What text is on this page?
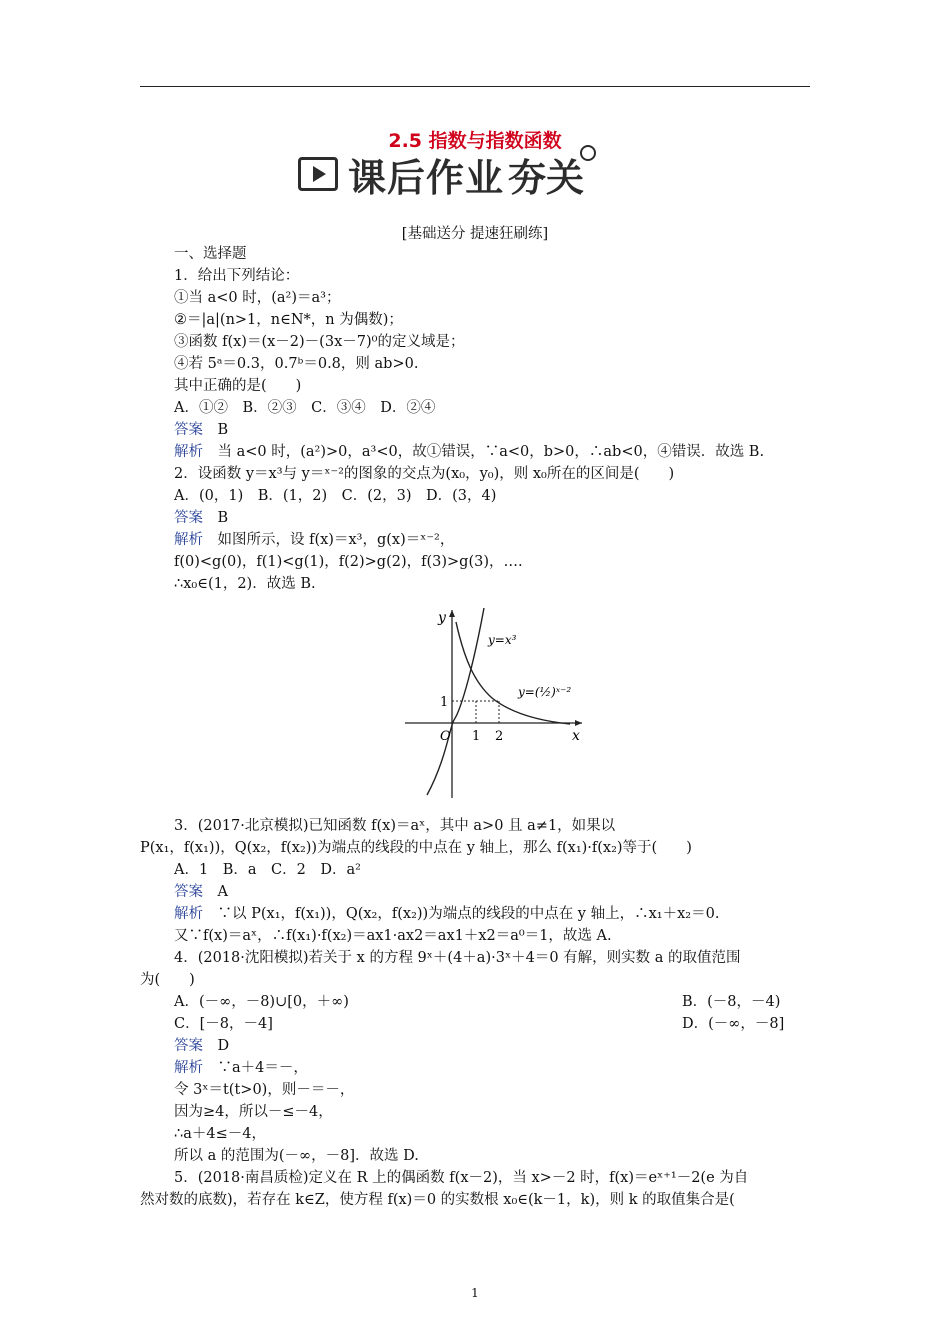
2.5 指数与指数函数
课后作业 夯关
[基础送分 提速狂刷练]
一、选择题
1．给出下列结论：
①当 a<0 时，(a²)＝a³；
②＝|a|(n>1，n∈N*，n 为偶数)；
③函数 f(x)＝(x－2)－(3x－7)⁰的定义域是；
④若 5ᵃ＝0.3，0.7ᵇ＝0.8，则 ab>0.
其中正确的是(　　)
A．①②　B．②③　C．③④　D．②④
答案　 B
解析　 当 a<0 时，(a²)>0，a³<0，故①错误，∵a<0，b>0，∴ab<0，④错误．故选 B.
2．设函数 y＝x³与 y＝ˣ⁻²的图象的交点为(x₀，y₀)，则 x₀所在的区间是(　　)
A．(0，1)　B．(1，2)　C．(2，3)　D．(3，4)
答案　 B
解析　 如图所示，设 f(x)＝x³，g(x)＝ˣ⁻²，
f(0)<g(0)，f(1)<g(1)，f(2)>g(2)，f(3)>g(3)，….
∴x₀∈(1，2)．故选 B.
y
x
O 1 2
1
y=x³
y=(½)ˣ⁻²
3．(2017·北京模拟)已知函数 f(x)＝aˣ，其中 a>0 且 a≠1，如果以
P(x₁，f(x₁))，Q(x₂，f(x₂))为端点的线段的中点在 y 轴上，那么 f(x₁)·f(x₂)等于(　　)
A．1　B．a　C．2　D．a²
答案　 A
解析　 ∵以 P(x₁，f(x₁))，Q(x₂，f(x₂))为端点的线段的中点在 y 轴上，∴x₁＋x₂＝0.
又∵f(x)＝aˣ，∴f(x₁)·f(x₂)＝ax1·ax2＝ax1＋x2＝a⁰＝1，故选 A.
4．(2018·沈阳模拟)若关于 x 的方程 9ˣ＋(4＋a)·3ˣ＋4＝0 有解，则实数 a 的取值范围
为(　　)
A．(－∞，－8)∪[0，＋∞)	B．(－8，－4)
C．[－8，－4]	D．(－∞，－8]
答案　 D
解析　 ∵a＋4＝－，
令 3ˣ＝t(t>0)，则－＝－，
因为≥4，所以－≤－4，
∴a＋4≤－4，
所以 a 的范围为(－∞，－8]．故选 D.
5．(2018·南昌质检)定义在 R 上的偶函数 f(x－2)，当 x>－2 时，f(x)＝eˣ⁺¹－2(e 为自
然对数的底数)，若存在 k∈Z，使方程 f(x)＝0 的实数根 x₀∈(k－1，k)，则 k 的取值集合是(
1
